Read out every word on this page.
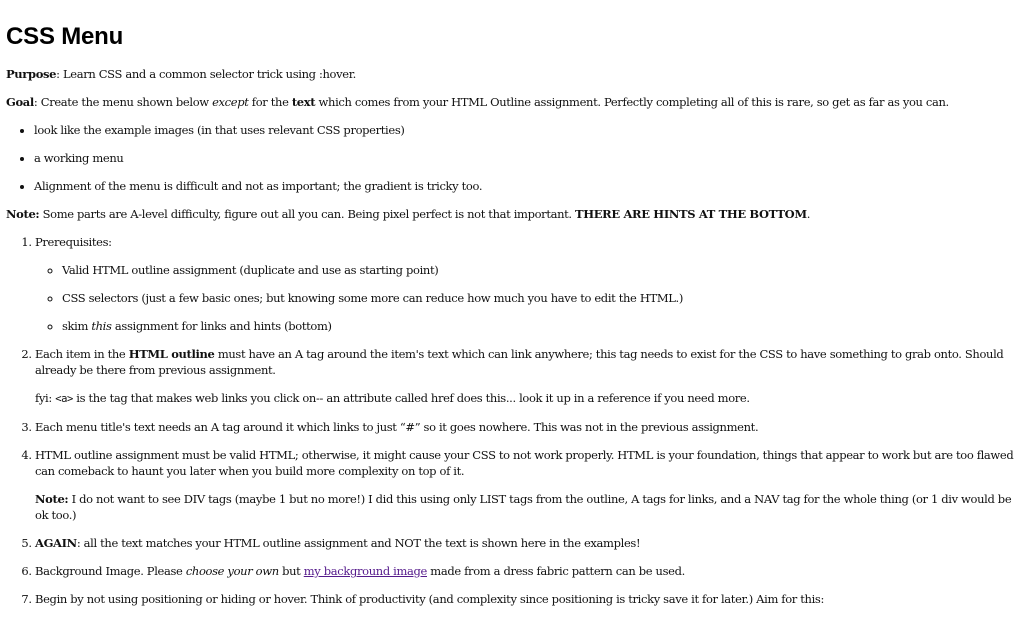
CSS Menu

Purpose: Learn CSS and a common selector trick using :hover.

Goal: Create the menu shown below except for the text which comes from your HTML Outline assignment. Perfectly completing all of this is rare, so get as far as you can.

• look like the example images (in that uses relevant CSS properties)
• a working menu
• Alignment of the menu is difficult and not as important; the gradient is tricky too.

Note: Some parts are A-level difficulty, figure out all you can. Being pixel perfect is not that important. THERE ARE HINTS AT THE BOTTOM.

1. Prerequisites:
◦ Valid HTML outline assignment (duplicate and use as starting point)
◦ CSS selectors (just a few basic ones; but knowing some more can reduce how much you have to edit the HTML.)
◦ skim this assignment for links and hints (bottom)
2. Each item in the HTML outline must have an A tag around the item's text which can link anywhere; this tag needs to exist for the CSS to have something to grab onto. Should already be there from previous assignment.

fyi: <a> is the tag that makes web links you click on-- an attribute called href does this... look it up in a reference if you need more.

3. Each menu title's text needs an A tag around it which links to just “#” so it goes nowhere. This was not in the previous assignment.
4. HTML outline assignment must be valid HTML; otherwise, it might cause your CSS to not work properly. HTML is your foundation, things that appear to work but are too flawed can comeback to haunt you later when you build more complexity on top of it.

Note: I do not want to see DIV tags (maybe 1 but no more!) I did this using only LIST tags from the outline, A tags for links, and a NAV tag for the whole thing (or 1 div would be ok too.)

5. AGAIN: all the text matches your HTML outline assignment and NOT the text is shown here in the examples!
6. Background Image. Please choose your own but my background image made from a dress fabric pattern can be used.
7. Begin by not using positioning or hiding or hover. Think of productivity (and complexity since positioning is tricky save it for later.) Aim for this:
